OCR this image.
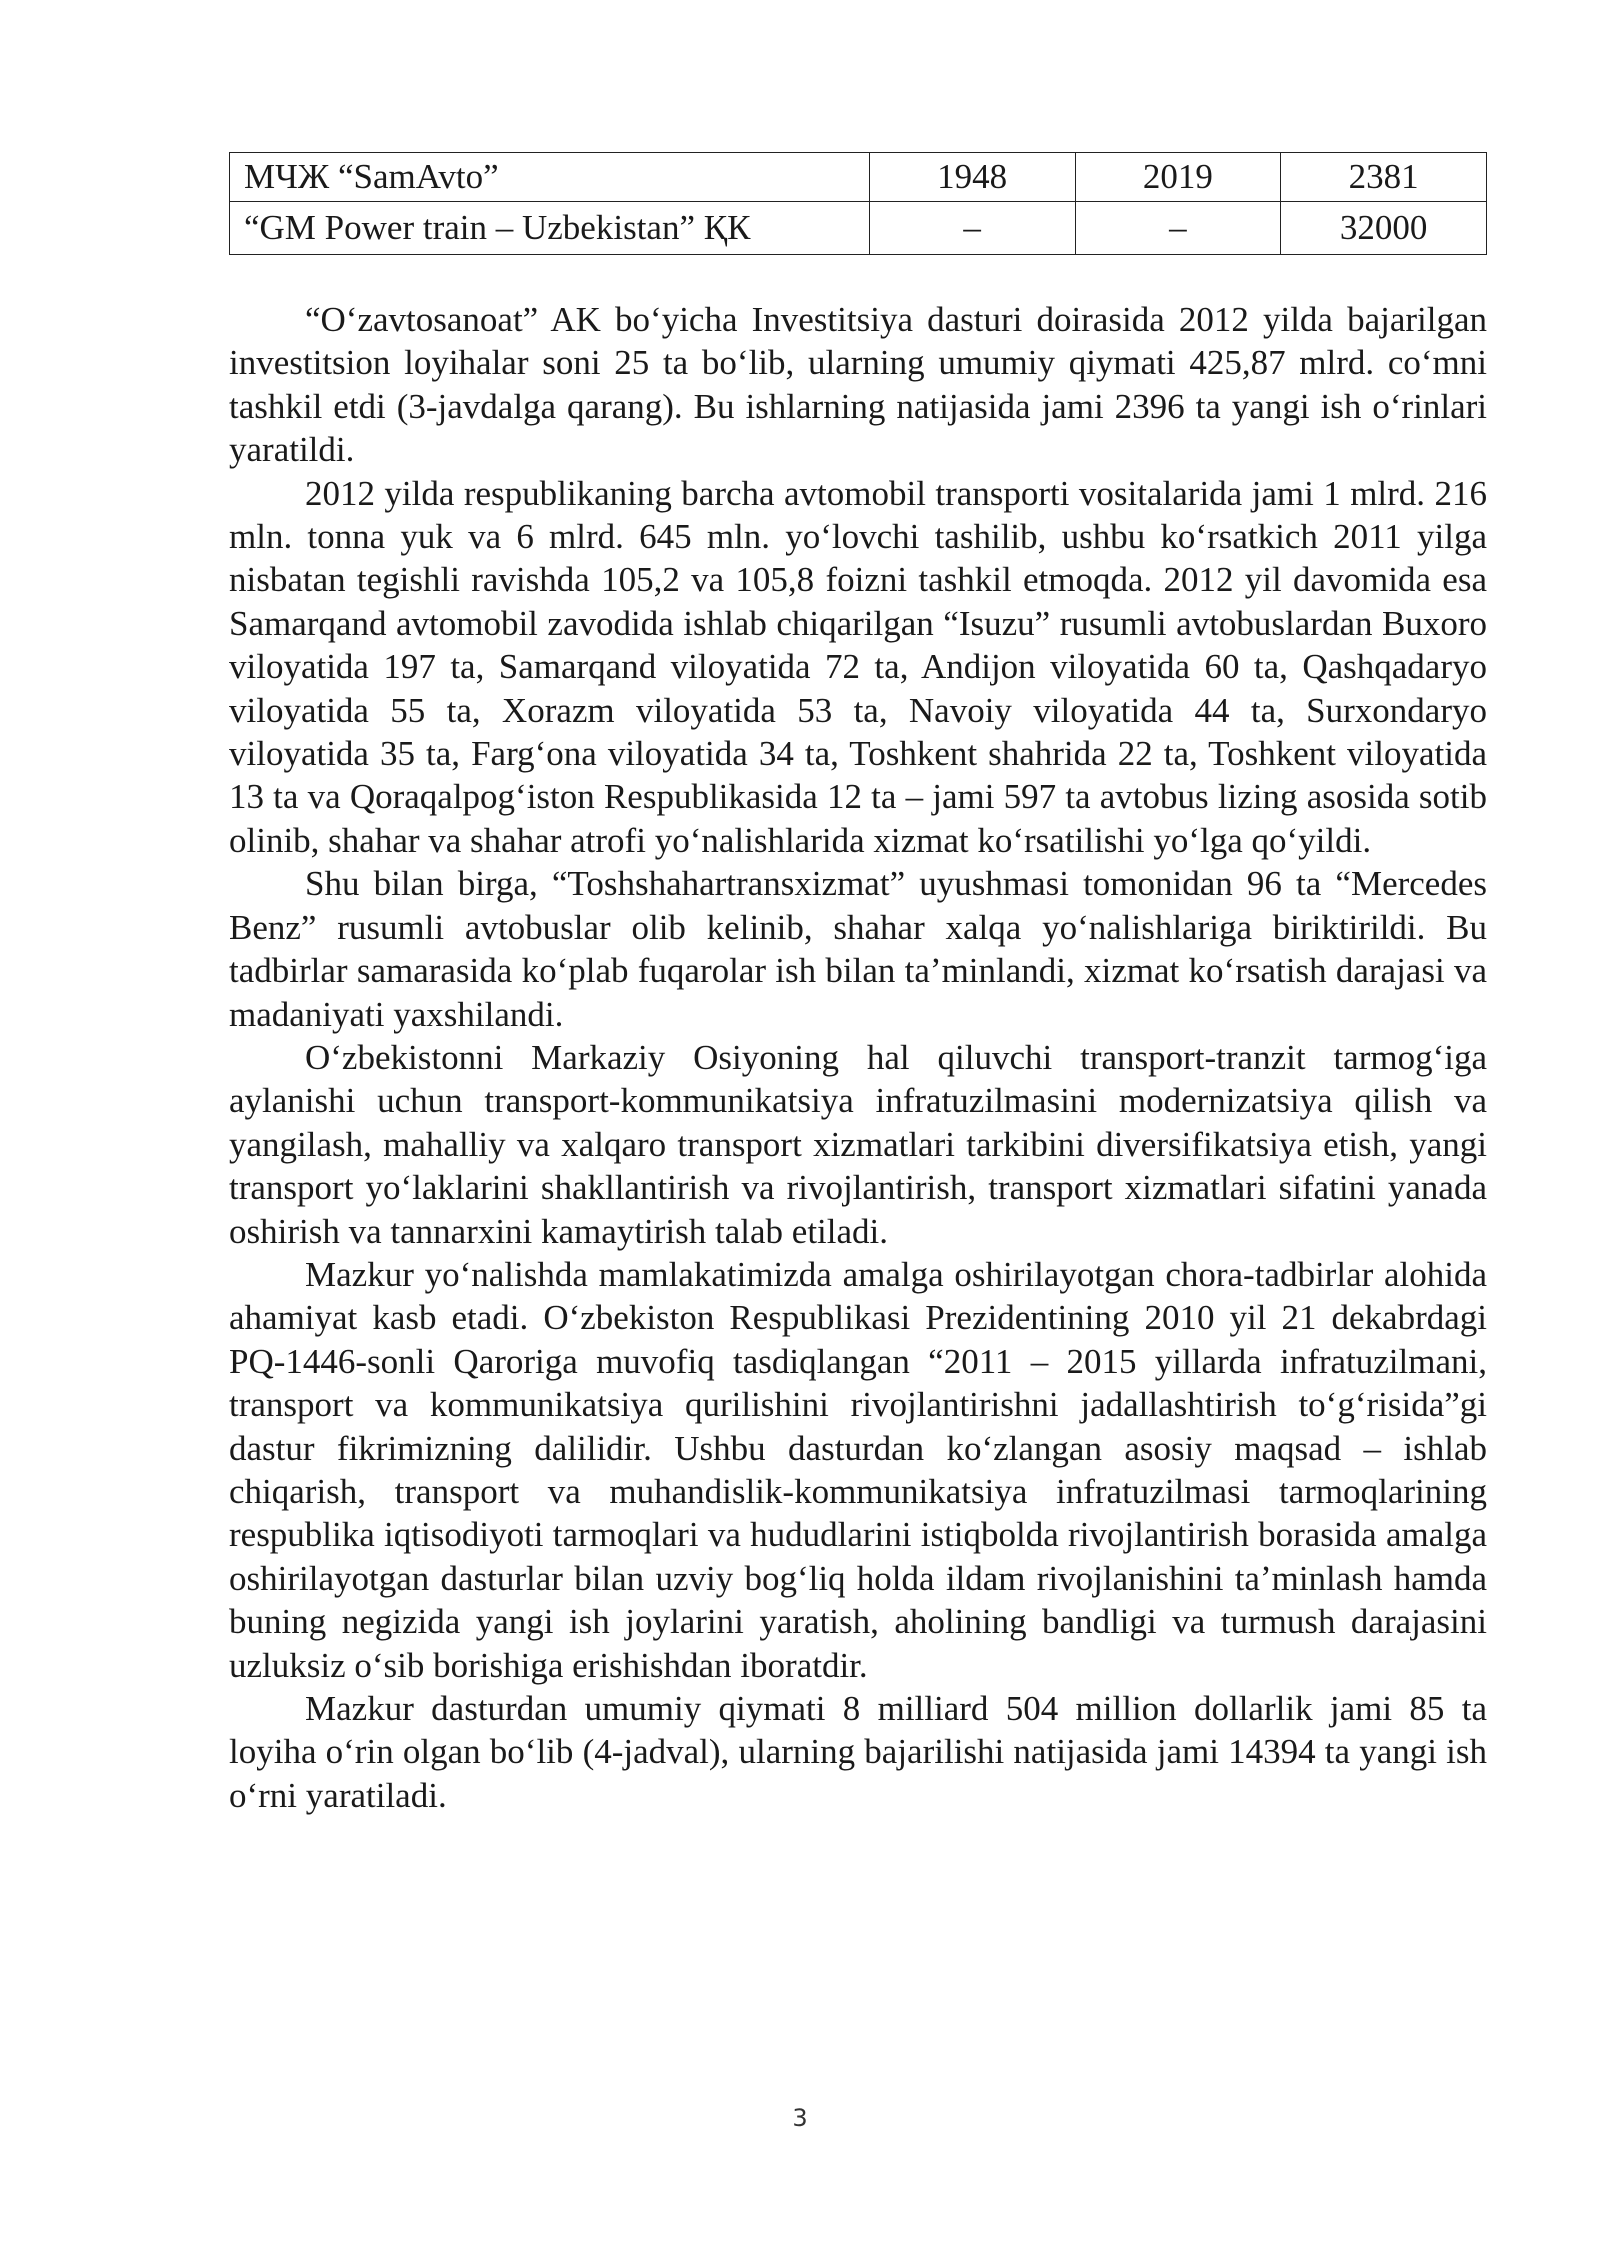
МЧЖ “SamAvto”	1948	2019	2381
“GM Power train – Uzbekistan” ҚК	–	–	32000

“Oʻzavtosanoat” AK boʻyicha Investitsiya dasturi doirasida 2012 yilda bajarilgan investitsion loyihalar soni 25 ta boʻlib, ularning umumiy qiymati 425,87 mlrd. coʻmni tashkil etdi (3-javdalga qarang). Bu ishlarning natijasida jami 2396 ta yangi ish oʻrinlari yaratildi.

2012 yilda respublikaning barcha avtomobil transporti vositalarida jami 1 mlrd. 216 mln. tonna yuk va 6 mlrd. 645 mln. yoʻlovchi tashilib, ushbu koʻrsatkich 2011 yilga nisbatan tegishli ravishda 105,2 va 105,8 foizni tashkil etmoqda. 2012 yil davomida esa Samarqand avtomobil zavodida ishlab chiqarilgan “Isuzu” rusumli avtobuslardan Buxoro viloyatida 197 ta, Samarqand viloyatida 72 ta, Andijon viloyatida 60 ta, Qashqadaryo viloyatida 55 ta, Xorazm viloyatida 53 ta, Navoiy viloyatida 44 ta, Surxondaryo viloyatida 35 ta, Fargʻona viloyatida 34 ta, Toshkent shahrida 22 ta, Toshkent viloyatida 13 ta va Qoraqalpogʻiston Respublikasida 12 ta – jami 597 ta avtobus lizing asosida sotib olinib, shahar va shahar atrofi yoʻnalishlarida xizmat koʻrsatilishi yoʻlga qoʻyildi.

Shu bilan birga, “Toshshahartransxizmat” uyushmasi tomonidan 96 ta “Mercedes Benz” rusumli avtobuslar olib kelinib, shahar xalqa yoʻnalishlariga biriktirildi. Bu tadbirlar samarasida koʻplab fuqarolar ish bilan taʼminlandi, xizmat koʻrsatish darajasi va madaniyati yaxshilandi.

Oʻzbekistonni Markaziy Osiyoning hal qiluvchi transport-tranzit tarmogʻiga aylanishi uchun transport-kommunikatsiya infratuzilmasini modernizatsiya qilish va yangilash, mahalliy va xalqaro transport xizmatlari tarkibini diversifikatsiya etish, yangi transport yoʻlaklarini shakllantirish va rivojlantirish, transport xizmatlari sifatini yanada oshirish va tannarxini kamaytirish talab etiladi.

Mazkur yoʻnalishda mamlakatimizda amalga oshirilayotgan chora-tadbirlar alohida ahamiyat kasb etadi. Oʻzbekiston Respublikasi Prezidentining 2010 yil 21 dekabrdagi PQ-1446-sonli Qaroriga muvofiq tasdiqlangan “2011 – 2015 yillarda infratuzilmani, transport va kommunikatsiya qurilishini rivojlantirishni jadallashtirish toʻgʻrisida”gi dastur fikrimizning dalilidir. Ushbu dasturdan koʻzlangan asosiy maqsad – ishlab chiqarish, transport va muhandislik-kommunikatsiya infratuzilmasi tarmoqlarining respublika iqtisodiyoti tarmoqlari va hududlarini istiqbolda rivojlantirish borasida amalga oshirilayotgan dasturlar bilan uzviy bogʻliq holda ildam rivojlanishini taʼminlash hamda buning negizida yangi ish joylarini yaratish, aholining bandligi va turmush darajasini uzluksiz oʻsib borishiga erishishdan iboratdir.

Mazkur dasturdan umumiy qiymati 8 milliard 504 million dollarlik jami 85 ta loyiha oʻrin olgan boʻlib (4-jadval), ularning bajarilishi natijasida jami 14394 ta yangi ish oʻrni yaratiladi.

3
